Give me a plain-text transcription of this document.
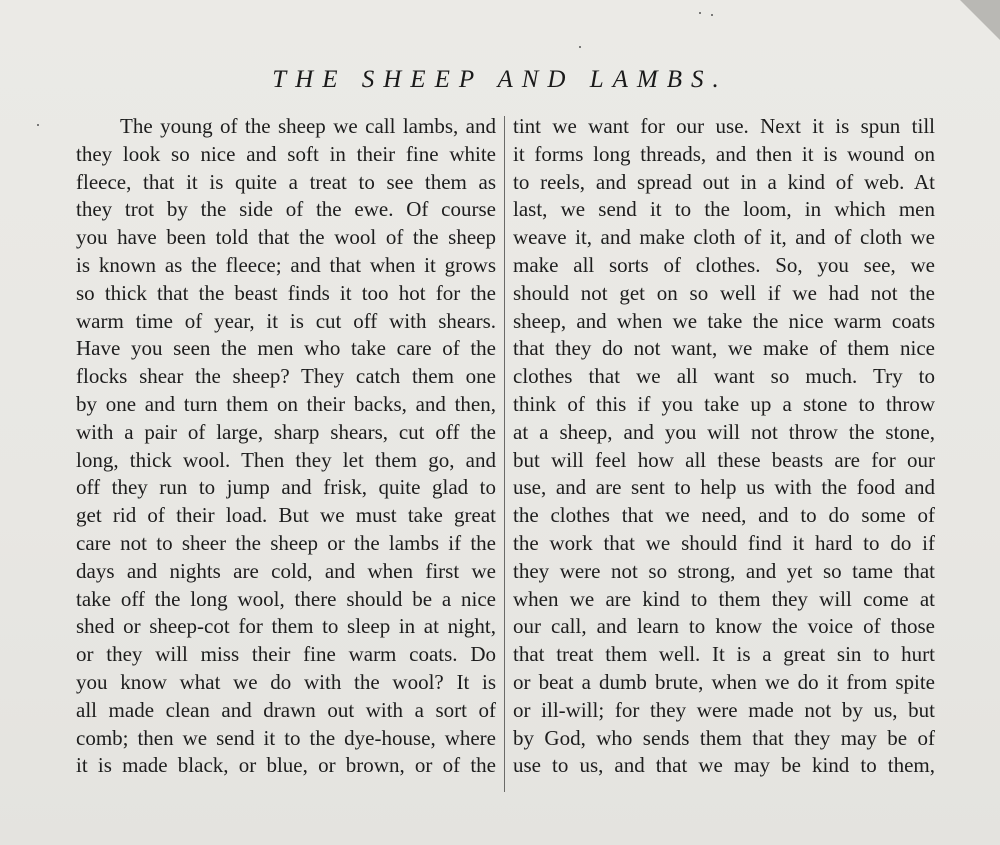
THE SHEEP AND LAMBS.
The young of the sheep we call lambs, and
they look so nice and soft in their fine white
fleece, that it is quite a treat to see them as
they trot by the side of the ewe. Of course
you have been told that the wool of the sheep
is known as the fleece; and that when it grows
so thick that the beast finds it too hot for the
warm time of year, it is cut off with shears.
Have you seen the men who take care of the
flocks shear the sheep? They catch them one
by one and turn them on their backs, and then,
with a pair of large, sharp shears, cut off the
long, thick wool. Then they let them go, and
off they run to jump and frisk, quite glad to
get rid of their load. But we must take great
care not to sheer the sheep or the lambs if the
days and nights are cold, and when first we
take off the long wool, there should be a nice
shed or sheep-cot for them to sleep in at night,
or they will miss their fine warm coats. Do
you know what we do with the wool? It is
all made clean and drawn out with a sort of
comb; then we send it to the dye-house, where
it is made black, or blue, or brown, or of the
tint we want for our use. Next it is spun till
it forms long threads, and then it is wound on
to reels, and spread out in a kind of web. At
last, we send it to the loom, in which men
weave it, and make cloth of it, and of cloth we
make all sorts of clothes. So, you see, we
should not get on so well if we had not the
sheep, and when we take the nice warm coats
that they do not want, we make of them nice
clothes that we all want so much. Try to
think of this if you take up a stone to throw
at a sheep, and you will not throw the stone,
but will feel how all these beasts are for our
use, and are sent to help us with the food and
the clothes that we need, and to do some of
the work that we should find it hard to do if
they were not so strong, and yet so tame that
when we are kind to them they will come at
our call, and learn to know the voice of those
that treat them well. It is a great sin to hurt
or beat a dumb brute, when we do it from spite
or ill-will; for they were made not by us, but
by God, who sends them that they may be of
use to us, and that we may be kind to them,
